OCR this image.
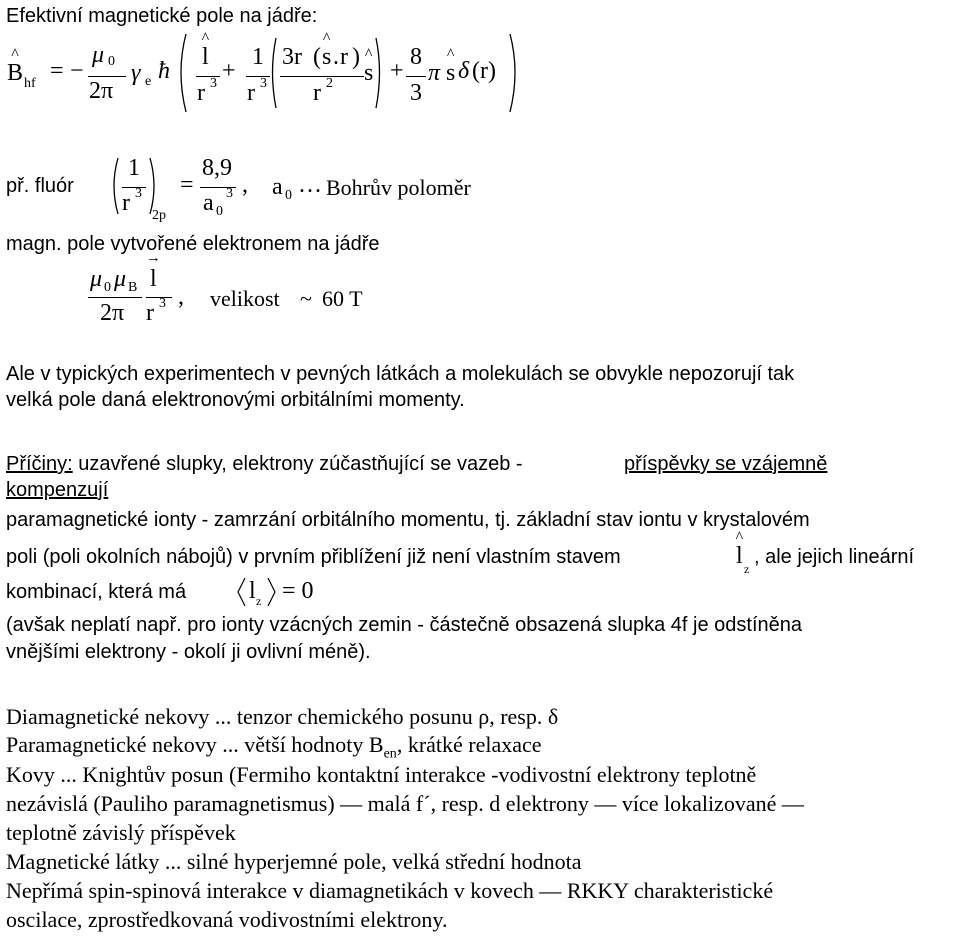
Efektivní magnetické pole na jádře:
^ B hf = −
μ 0
2π
γ e ħ
^ l
r 3 +
1
r 3
3r ( ^ s . r )
r 2 ^ s +
8
3
π ^ s δ (r)
př. fluór
1
r 3
2p
=
8,9
a 0
3 , a 0 … Bohrův poloměr
magn. pole vytvořené elektronem na jádře
μ 0 μ B
2π
→ l
r 3 , velikost ~ 60 T
Ale v typických experimentech v pevných látkách a molekulách se obvykle nepozorují tak
velká pole daná elektronovými orbitálními momenty.
Příčiny: uzavřené slupky, elektrony zúčastňující se vazeb -	příspěvky se vzájemně
kompenzují
paramagnetické ionty - zamrzání orbitálního momentu, tj. základní stav iontu v krystalovém
poli (poli okolních nábojů) v prvním přiblížení již není vlastním stavem	^ l z
, ale jejich lineární
kombinací, která má	l z = 0
(avšak neplatí např. pro ionty vzácných zemin - částečně obsazená slupka 4f je odstíněna
vnějšími elektrony - okolí ji ovlivní méně).
Diamagnetické nekovy ... tenzor chemického posunu ρ, resp. δ
Paramagnetické nekovy ... větší hodnoty $B_{en}$, krátké relaxace
Kovy ... Knightův posun (Fermiho kontaktní interakce -vodivostní elektrony teplotně
nezávislá (Pauliho paramagnetismus) — malá f´, resp. d elektrony — více lokalizované —
teplotně závislý příspěvek
Magnetické látky ... silné hyperjemné pole, velká střední hodnota
Nepřímá spin-spinová interakce v diamagnetikách v kovech — RKKY charakteristické
oscilace, zprostředkovaná vodivostními elektrony.
